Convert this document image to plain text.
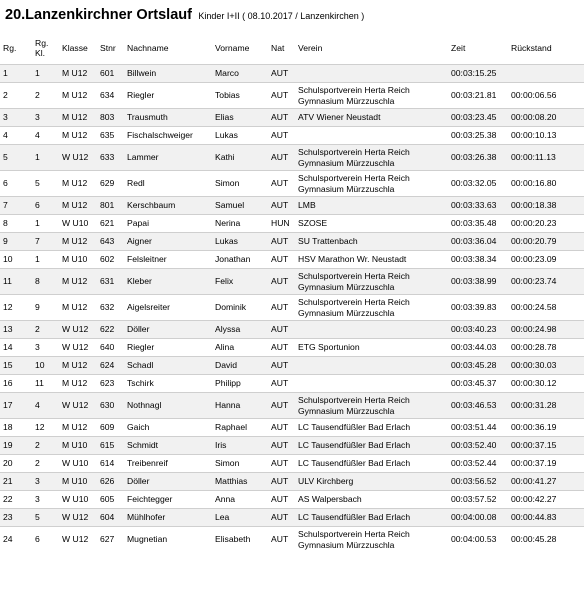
20.Lanzenkirchner Ortslauf Kinder I+II ( 08.10.2017 / Lanzenkirchen )
Rg.	Rg. Kl.	Klasse	Stnr	Nachname	Vorname	Nat	Verein	Zeit	Rückstand
1	1	M U12	601	Billwein	Marco	AUT		00:03:15.25	
2	2	M U12	634	Riegler	Tobias	AUT	Schulsportverein Herta Reich Gymnasium Mürzzuschla	00:03:21.81	00:00:06.56
3	3	M U12	803	Trausmuth	Elias	AUT	ATV Wiener Neustadt	00:03:23.45	00:00:08.20
4	4	M U12	635	Fischalschweiger	Lukas	AUT		00:03:25.38	00:00:10.13
5	1	W U12	633	Lammer	Kathi	AUT	Schulsportverein Herta Reich Gymnasium Mürzzuschla	00:03:26.38	00:00:11.13
6	5	M U12	629	Redl	Simon	AUT	Schulsportverein Herta Reich Gymnasium Mürzzuschla	00:03:32.05	00:00:16.80
7	6	M U12	801	Kerschbaum	Samuel	AUT	LMB	00:03:33.63	00:00:18.38
8	1	W U10	621	Papai	Nerina	HUN	SZOSE	00:03:35.48	00:00:20.23
9	7	M U12	643	Aigner	Lukas	AUT	SU Trattenbach	00:03:36.04	00:00:20.79
10	1	M U10	602	Felsleitner	Jonathan	AUT	HSV Marathon Wr. Neustadt	00:03:38.34	00:00:23.09
11	8	M U12	631	Kleber	Felix	AUT	Schulsportverein Herta Reich Gymnasium Mürzzuschla	00:03:38.99	00:00:23.74
12	9	M U12	632	Aigelsreiter	Dominik	AUT	Schulsportverein Herta Reich Gymnasium Mürzzuschla	00:03:39.83	00:00:24.58
13	2	W U12	622	Döller	Alyssa	AUT		00:03:40.23	00:00:24.98
14	3	W U12	640	Riegler	Alina	AUT	ETG Sportunion	00:03:44.03	00:00:28.78
15	10	M U12	624	Schadl	David	AUT		00:03:45.28	00:00:30.03
16	11	M U12	623	Tschirk	Philipp	AUT		00:03:45.37	00:00:30.12
17	4	W U12	630	Nothnagl	Hanna	AUT	Schulsportverein Herta Reich Gymnasium Mürzzuschla	00:03:46.53	00:00:31.28
18	12	M U12	609	Gaich	Raphael	AUT	LC Tausendfüßler Bad Erlach	00:03:51.44	00:00:36.19
19	2	M U10	615	Schmidt	Iris	AUT	LC Tausendfüßler Bad Erlach	00:03:52.40	00:00:37.15
20	2	W U10	614	Treibenreif	Simon	AUT	LC Tausendfüßler Bad Erlach	00:03:52.44	00:00:37.19
21	3	M U10	626	Döller	Matthias	AUT	ULV Kirchberg	00:03:56.52	00:00:41.27
22	3	W U10	605	Feichtegger	Anna	AUT	AS Walpersbach	00:03:57.52	00:00:42.27
23	5	W U12	604	Mühlhofer	Lea	AUT	LC Tausendfüßler Bad Erlach	00:04:00.08	00:00:44.83
24	6	W U12	627	Mugnetian	Elisabeth	AUT	Schulsportverein Herta Reich Gymnasium Mürzzuschla	00:04:00.53	00:00:45.28
